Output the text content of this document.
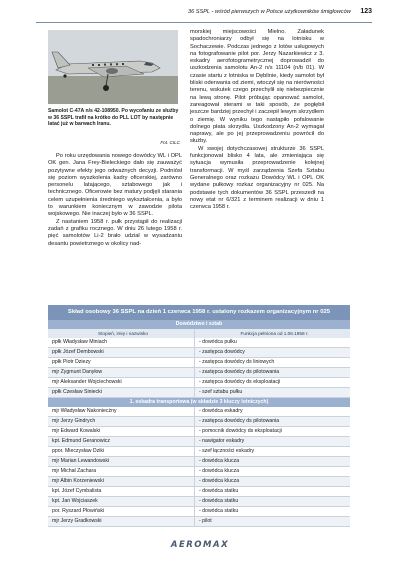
36 SSPL - wśród pierwszych w Polsce użytkowników śmigłowców 123
Samolot C-47A n/s 42-108950. Po wycofaniu ze służby w 36 SSPL trafił na krótko do PLL LOT by następnie latać już w barwach Iranu.
Fot. CILC

Po roku urzędowania nowego dowódcy WL i OPL OK gen. Jana Frey-Bieleckiego dało się zauważyć pozytywne efekty jego odważnych decyzji. Podniósł się poziom wyszkolenia kadry oficerskiej, zarówno personelu latającego, sztabowego jak i technicznego. Oficerowie bez matury podjęli starania celem uzupełnienia średniego wykształcenia, a było to warunkiem koniecznym w zawodzie pilota wojskowego. Nie inaczej było w 36 SSPL.

Z nastaniem 1958 r. pułk przystąpił do realizacji zadań z grafiku rocznego. W dniu 26 lutego 1958 r. pięć samolotów Li-2 brało udział w wysadzaniu desantu powietrznego w okolicy nad-

morskiej miejscowości Mielno. Załadunek spadochroniarzy odbył się na lotnisku w Sochaczewie. Podczas jednego z lotów usługowych na fotografowanie pilot por. Jerzy Nazarkiewicz z 3. eskadry aerofotogrametrycznej doprowadził do uszkodzenia samolotu An-2 n/s 11104 (n/b 01). W czasie startu z lotniska w Dęblinie, kiedy samolot był bliski oderwania od ziemi, wtoczył się na nierówności terenu, wskutek czego przechylił się niebezpiecznie na lewą stronę. Pilot próbując opanować samolot, zareagował sterami w taki sposób, że pogłębił jeszcze bardziej przechył i zaczepił lewym skrzydłem o ziemię. W wyniku tego nastąpiło pofalowanie dolnego płata skrzydła. Uszkodzony An-2 wymagał naprawy, ale po jej przeprowadzeniu powrócił do służby.

W swojej dotychczasowej strukturze 36 SSPL funkcjonował blisko 4 lata, ale zmieniająca się sytuacja wymusiła przeprowadzenie kolejnej transformacji. W myśl zarządzenia Szefa Sztabu Generalnego oraz rozkazu Dowódcy WL i OPL OK wydane pułkowy rozkaz organizacyjny nr 025. Na podstawie tych dokumentów 36 SSPL przeszedł na nowy etat nr 6/321 z terminem realizacji w dniu 1 czerwca 1958 r.

Skład osobowy 36 SSPL na dzień 1 czerwca 1958 r. ustalony rozkazem organizacyjnym nr 025
Dowództwo i sztab
Stopień, imię i nazwisko	Funkcja pełniona od 1.06.1958 r.
ppłk Władysław Miniach	- dowódca pułku
ppłk Józef Dembowski	- zastępca dowódcy
ppłk Piotr Dziezy	- zastępca dowódcy ds liniowych
mjr Zygmunt Danyłow	- zastępca dowódcy ds pilotowania
mjr Aleksander Wojciechowski	- zastępca dowódcy ds eksploatacji
ppłk Czesław Siniecki	- szef sztabu pułku
1. eskadra transportowa (w składzie 3 kluczy lotniczych)
mjr Władysław Nakoniecżny	- dowódca eskadry
mjr Jerzy Gindrych	- zastępca dowódcy ds pilotowania
mjr Edward Kowalski	- pomocnik dowódcy ds eksploatacji
kpt. Edmund Geranowicz	- nawigator eskadry
ppor. Mieczysław Dziki	- szef łączności eskadry
mjr Marian Lewandowski	- dowódca klucza
mjr Michał Zachara	- dowódca klucza
mjr Albin Korzeniewski	- dowódca klucza
kpt. Józef Cymbalista	- dowódca statku
kpt. Jan Wojciaszek	- dowódca statku
por. Ryszard Płowiński	- dowódca statku
mjr Jerzy Gradkowski	- pilot
AEROMAX
